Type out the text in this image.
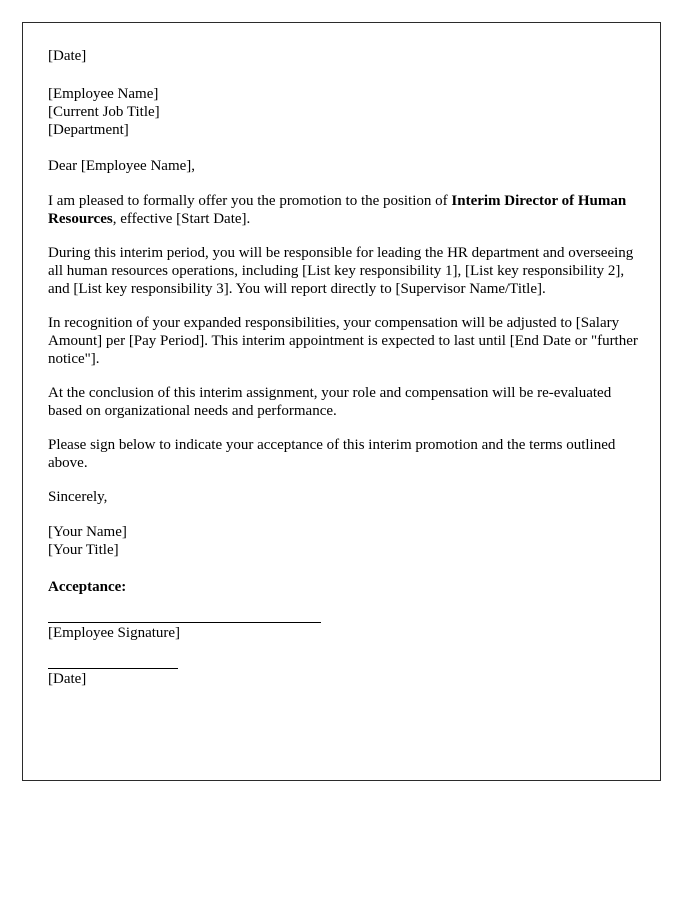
[Date]
[Employee Name]
[Current Job Title]
[Department]
Dear [Employee Name],
I am pleased to formally offer you the promotion to the position of Interim Director of Human Resources, effective [Start Date].
During this interim period, you will be responsible for leading the HR department and overseeing all human resources operations, including [List key responsibility 1], [List key responsibility 2], and [List key responsibility 3]. You will report directly to [Supervisor Name/Title].
In recognition of your expanded responsibilities, your compensation will be adjusted to [Salary Amount] per [Pay Period]. This interim appointment is expected to last until [End Date or "further notice"].
At the conclusion of this interim assignment, your role and compensation will be re-evaluated based on organizational needs and performance.
Please sign below to indicate your acceptance of this interim promotion and the terms outlined above.
Sincerely,
[Your Name]
[Your Title]
Acceptance:
[Employee Signature]
[Date]
